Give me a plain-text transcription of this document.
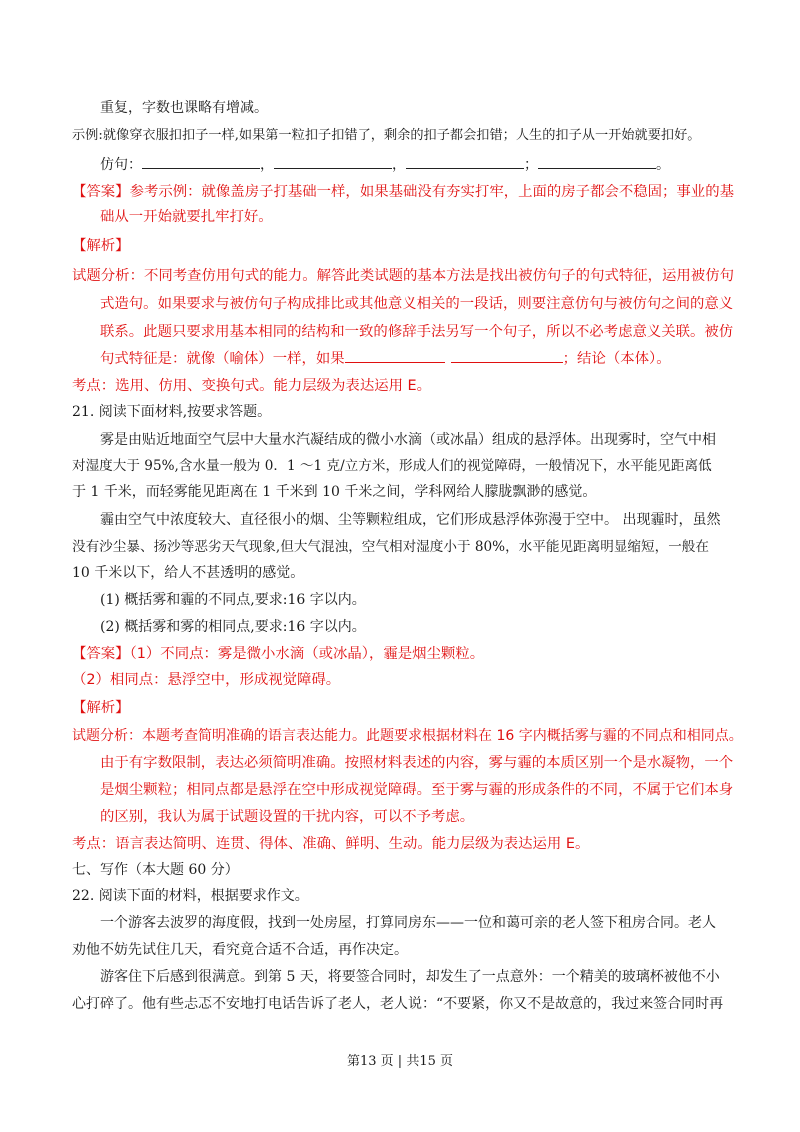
重复，字数也课略有增减。
示例:就像穿衣服扣扣子一样,如果第一粒扣子扣错了，剩余的扣子都会扣错；人生的扣子从一开始就要扣好。
仿句：	，	，	；	。
【答案】参考示例：就像盖房子打基础一样，如果基础没有夯实打牢，上面的房子都会不稳固；事业的基
础从一开始就要扎牢打好。
【解析】
试题分析：不同考查仿用句式的能力。解答此类试题的基本方法是找出被仿句子的句式特征，运用被仿句
式造句。如果要求与被仿句子构成排比或其他意义相关的一段话，则要注意仿句与被仿句之间的意义
联系。此题只要求用基本相同的结构和一致的修辞手法另写一个句子，所以不必考虑意义关联。被仿
句式特征是：就像（喻体）一样，如果	；结论（本体）。
考点：选用、仿用、变换句式。能力层级为表达运用 E。
21. 阅读下面材料,按要求答题。
雾是由贴近地面空气层中大量水汽凝结成的微小水滴（或冰晶）组成的悬浮体。出现雾时，空气中相
对湿度大于 95%,含水量一般为 0．1 ～1 克/立方米，形成人们的视觉障碍，一般情况下，水平能见距离低
于 1 千米，而轻雾能见距离在 1 千米到 10 千米之间，学科网给人朦胧飘渺的感觉。
霾由空气中浓度较大、直径很小的烟、尘等颗粒组成，它们形成悬浮体弥漫于空中。 出现霾时，虽然
没有沙尘暴、扬沙等恶劣天气现象,但大气混浊，空气相对湿度小于 80%，水平能见距离明显缩短，一般在
10 千米以下，给人不甚透明的感觉。
(1) 概括雾和霾的不同点,要求:16 字以内。
(2) 概括雾和雾的相同点,要求:16 字以内。
【答案】（1）不同点：雾是微小水滴（或冰晶），霾是烟尘颗粒。
（2）相同点：悬浮空中，形成视觉障碍。
【解析】
试题分析：本题考查简明准确的语言表达能力。此题要求根据材料在 16 字内概括雾与霾的不同点和相同点。
由于有字数限制，表达必须简明准确。按照材料表述的内容，雾与霾的本质区别一个是水凝物，一个
是烟尘颗粒；相同点都是悬浮在空中形成视觉障碍。至于雾与霾的形成条件的不同，不属于它们本身
的区别，我认为属于试题设置的干扰内容，可以不予考虑。
考点：语言表达简明、连贯、得体、准确、鲜明、生动。能力层级为表达运用 E。
七、写作（本大题 60 分）
22. 阅读下面的材料，根据要求作文。
一个游客去波罗的海度假，找到一处房屋，打算同房东——一位和蔼可亲的老人签下租房合同。老人
劝他不妨先试住几天，看究竟合适不合适，再作决定。
游客住下后感到很满意。到第 5 天，将要签合同时，却发生了一点意外：一个精美的玻璃杯被他不小
心打碎了。他有些忐忑不安地打电话告诉了老人，老人说：“不要紧，你又不是故意的，我过来签合同时再
第13 页 | 共15 页
